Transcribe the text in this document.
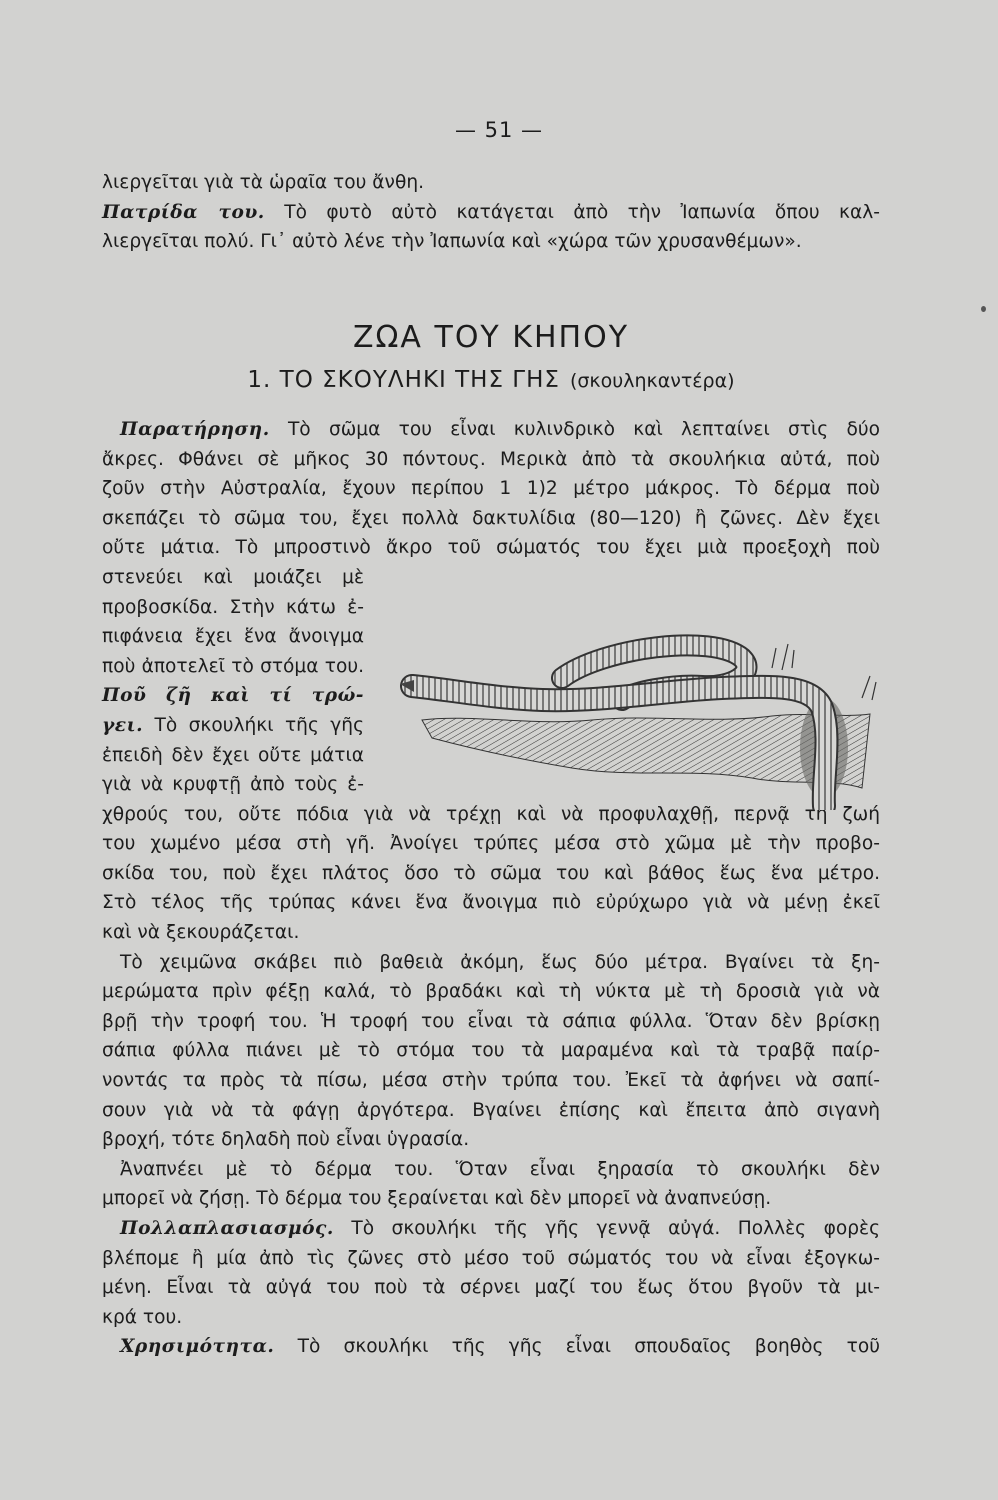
— 51 —
λιεργεῖται γιὰ τὰ ὡραῖα του ἄνθη.
Πατρίδα του. Τὸ φυτὸ αὐτὸ κατάγεται ἀπὸ τὴν Ἰαπωνία ὅπου καλ-
λιεργεῖται πολύ. Γι᾿ αὐτὸ λένε τὴν Ἰαπωνία καὶ «χώρα τῶν χρυσανθέμων».
ΖΩΑ ΤΟΥ ΚΗΠΟΥ
1. ΤΟ ΣΚΟΥΛΗΚΙ ΤΗΣ ΓΗΣ (σκουληκαντέρα)
Παρατήρηση. Τὸ σῶμα του εἶναι κυλινδρικὸ καὶ λεπταίνει στὶς δύο
ἄκρες. Φθάνει σὲ μῆκος 30 πόντους. Μερικὰ ἀπὸ τὰ σκουλήκια αὐτά, ποὺ
ζοῦν στὴν Αὐστραλία, ἔχουν περίπου 1 1)2 μέτρο μάκρος. Τὸ δέρμα ποὺ
σκεπάζει τὸ σῶμα του, ἔχει πολλὰ δακτυλίδια (80—120) ἢ ζῶνες. Δὲν ἔχει
οὔτε μάτια. Τὸ μπροστινὸ ἄκρο τοῦ σώματός του ἔχει μιὰ προεξοχὴ ποὺ
στενεύει καὶ μοιάζει μὲ
προβοσκίδα. Στὴν κάτω ἐ-
πιφάνεια ἔχει ἕνα ἄνοιγμα
ποὺ ἀποτελεῖ τὸ στόμα του.
Ποῦ ζῆ καὶ τί τρώ-
γει. Τὸ σκουλήκι τῆς γῆς
ἐπειδὴ δὲν ἔχει οὔτε μάτια
γιὰ νὰ κρυφτῇ ἀπὸ τοὺς ἐ-
χθρούς του, οὔτε πόδια γιὰ νὰ τρέχῃ καὶ νὰ προφυλαχθῇ, περνᾷ τὴ ζωή
του χωμένο μέσα στὴ γῆ. Ἀνοίγει τρύπες μέσα στὸ χῶμα μὲ τὴν προβο-
σκίδα του, ποὺ ἔχει πλάτος ὅσο τὸ σῶμα του καὶ βάθος ἕως ἕνα μέτρο.
Στὸ τέλος τῆς τρύπας κάνει ἕνα ἄνοιγμα πιὸ εὐρύχωρο γιὰ νὰ μένῃ ἐκεῖ
καὶ νὰ ξεκουράζεται.
Τὸ χειμῶνα σκάβει πιὸ βαθειὰ ἀκόμη, ἕως δύο μέτρα. Βγαίνει τὰ ξη-
μερώματα πρὶν φέξῃ καλά, τὸ βραδάκι καὶ τὴ νύκτα μὲ τὴ δροσιὰ γιὰ νὰ
βρῇ τὴν τροφή του. Ἡ τροφή του εἶναι τὰ σάπια φύλλα. Ὅταν δὲν βρίσκῃ
σάπια φύλλα πιάνει μὲ τὸ στόμα του τὰ μαραμένα καὶ τὰ τραβᾷ παίρ-
νοντάς τα πρὸς τὰ πίσω, μέσα στὴν τρύπα του. Ἐκεῖ τὰ ἀφήνει νὰ σαπί-
σουν γιὰ νὰ τὰ φάγῃ ἀργότερα. Βγαίνει ἐπίσης καὶ ἔπειτα ἀπὸ σιγανὴ
βροχή, τότε δηλαδὴ ποὺ εἶναι ὑγρασία.
Ἀναπνέει μὲ τὸ δέρμα του. Ὅταν εἶναι ξηρασία τὸ σκουλήκι δὲν
μπορεῖ νὰ ζήσῃ. Τὸ δέρμα του ξεραίνεται καὶ δὲν μπορεῖ νὰ ἀναπνεύσῃ.
Πολλαπλασιασμός. Τὸ σκουλήκι τῆς γῆς γεννᾷ αὐγά. Πολλὲς φορὲς
βλέπομε ἢ μία ἀπὸ τὶς ζῶνες στὸ μέσο τοῦ σώματός του νὰ εἶναι ἐξογκω-
μένη. Εἶναι τὰ αὐγά του ποὺ τὰ σέρνει μαζί του ἕως ὅτου βγοῦν τὰ μι-
κρά του.
Χρησιμότητα. Τὸ σκουλήκι τῆς γῆς εἶναι σπουδαῖος βοηθὸς τοῦ
